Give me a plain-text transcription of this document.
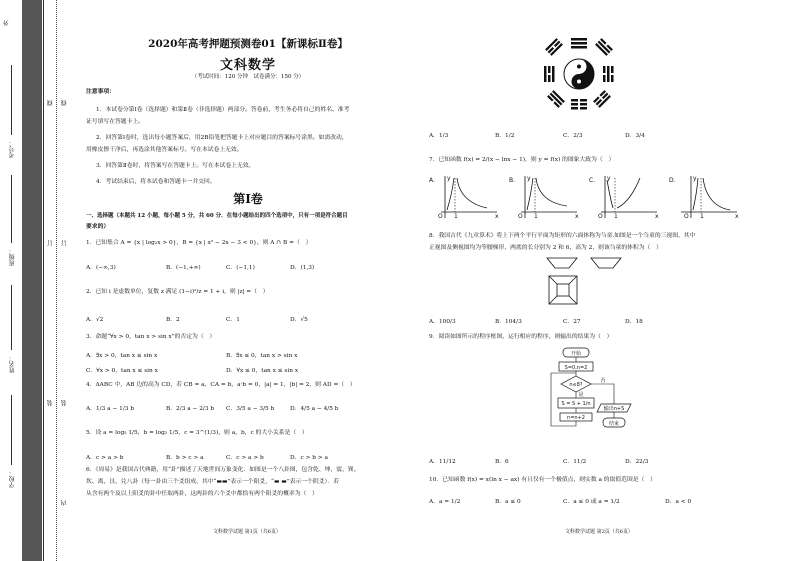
学校：
姓名：
班级：
考号：
线
订
装
线
订
装
外
内
2020年高考押题预测卷01【新课标Ⅱ卷】
文科数学
（考试时间：120 分钟　试卷满分：150 分）
注意事项：
1．本试卷分第Ⅰ卷（选择题）和第Ⅱ卷（非选择题）两部分。答卷前，考生务必将自己的姓名、准考
证号填写在答题卡上。
2．回答第Ⅰ卷时，选出每小题答案后，用2B铅笔把答题卡上对应题目的答案标号涂黑。如需改动，
用橡皮擦干净后，再选涂其他答案标号。写在本试卷上无效。
3．回答第Ⅱ卷时，将答案写在答题卡上。写在本试卷上无效。
4．考试结束后，将本试卷和答题卡一并交回。
第Ⅰ卷
一、选择题（本题共 12 小题，每小题 5 分，共 60 分．在每小题给出的四个选项中，只有一项是符合题目
要求的）
1．已知集合 A = {x | log₂x > 0}，B = {x | x² − 2x − 3 < 0}，则 A ∩ B =（　）
A．(−∞,3)	B．(−1,+∞)	C．(−1,1)	D．(1,3)
2．已知 i 是虚数单位，复数 z 满足 (1−i)²/z = 1 + i，则 |z| =（　）
A．√2	B．2	C．1	D．√5
3．命题“∀x > 0，tan x > sin x”的否定为（　）
A．∃x > 0，tan x ≤ sin x	B．∃x ≤ 0，tan x > sin x
C．∀x > 0，tan x ≤ sin x	D．∀x ≤ 0，tan x ≤ sin x
4．ΔABC 中，AB 边的高为 CD，若 CB = a，CA = b，a·b = 0，|a| = 1，|b| = 2，则 AD =（　）
A．1/3 a − 1/3 b	B．2/3 a − 2/3 b C．3/5 a − 3/5 b	D．4/5 a − 4/5 b
5．设 a = log₅ 1/5，b = log₂ 1/5，c = 3^(1/3)，则 a，b，c 的大小关系是（　）
A．c > a > b	B．b > c > a	C．c > a > b	D．c > b > a
6．《周易》是我国古代典籍，用“卦”描述了天地世间万象变化．如图是一个八卦图，包含乾、坤、震、巽、
坎、离、艮、兑八卦（每一卦由三个爻组成，其中“▬▬”表示一个阳爻，“▬ ▬”表示一个阴爻）．若
从含有两个及以上阳爻的卦中任取两卦，这两卦的六个爻中都恰有两个阳爻的概率为（　）
文科数学试题 第1页（共6页）
A．1/3	B．1/2	C．2/3	D．3/4
7．已知函数 f(x) = 2/(x − lnx − 1)，则 y = f(x) 的图象大致为（　）
A．	B．	C．	D．
y
x
O 1
y
x
O 1
y
x
O 1
y
x
O 1
8．我国古代《九章算术》将上下两个平行平面为矩形的六面体称为刍童.如图是一个刍童的三视图，其中
正视图及侧视图均为等腰梯形，两底的长分别为 2 和 6，高为 2，则该刍童的体积为（　）
A．100/3	B．104/3	C．27	D．18
9．阅读如图所示的程序框图，运行相应的程序，则输出的结果为（　）
开始
S=0,n=2
n≤8?
是
否
S = S + 1/n
n=n+2
输出n+S
结束
A．11/12	B．6	C．11/2	D．22/3
10．已知函数 f(x) = x(ln x − ax) 有且仅有一个极值点，则实数 a 的取值范围是（　）
A．a = 1/2	B．a ≤ 0	C．a ≤ 0 或 a = 1/2	D．a < 0
文科数学试题 第2页（共6页）
